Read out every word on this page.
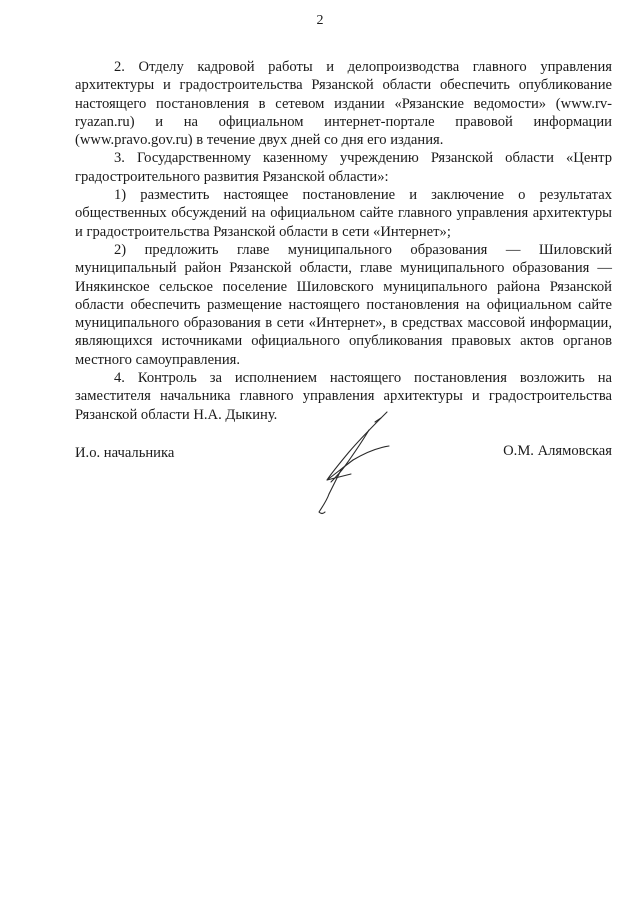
2

2. Отделу кадровой работы и делопроизводства главного управления архитектуры и градостроительства Рязанской области обеспечить опубликование настоящего постановления в сетевом издании «Рязанские ведомости» (www.rv-ryazan.ru) и на официальном интернет-портале правовой информации (www.pravo.gov.ru) в течение двух дней со дня его издания.

3. Государственному казенному учреждению Рязанской области «Центр градостроительного развития Рязанской области»:

1) разместить настоящее постановление и заключение о результатах общественных обсуждений на официальном сайте главного управления архитектуры и градостроительства Рязанской области в сети «Интернет»;

2) предложить главе муниципального образования — Шиловский муниципальный район Рязанской области, главе муниципального образования — Инякинское сельское поселение Шиловского муниципального района Рязанской области обеспечить размещение настоящего постановления на официальном сайте муниципального образования в сети «Интернет», в средствах массовой информации, являющихся источниками официального опубликования правовых актов органов местного самоуправления.

4. Контроль за исполнением настоящего постановления возложить на заместителя начальника главного управления архитектуры и градостроительства Рязанской области Н.А. Дыкину.

И.о. начальника	О.М. Алямовская
